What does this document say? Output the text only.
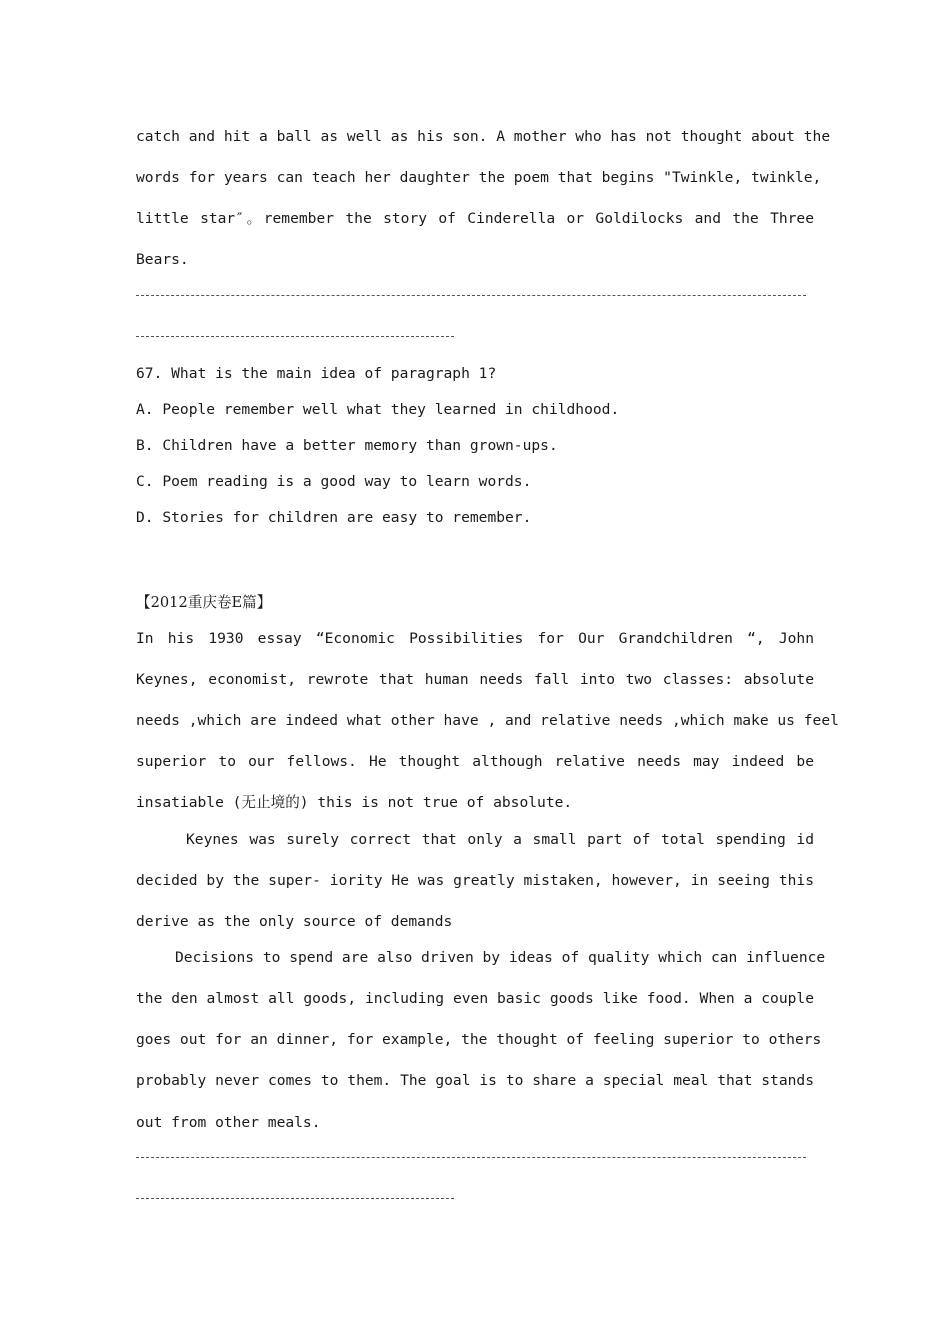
catch and hit a ball as well as his son. A mother who has not thought about the
words for years can teach her daughter the poem that begins "Twinkle, twinkle,
little star″。remember the story of Cinderella or Goldilocks and the Three
Bears.
67. What is the main idea of paragraph 1?
A. People remember well what they learned in childhood.
B. Children have a better memory than grown-ups.
C. Poem reading is a good way to learn words.
D. Stories for children are easy to remember.
【2012重庆卷E篇】
In his 1930 essay “Economic Possibilities for Our Grandchildren “, John
Keynes, economist, rewrote that human needs fall into two classes: absolute
needs ,which are indeed what other have , and relative needs ,which make us feel
superior to our fellows. He thought although relative needs may indeed be
insatiable (无止境的) this is not true of absolute.
Keynes was surely correct that only a small part of total spending id
decided by the super- iority He was greatly mistaken, however, in seeing this
derive as the only source of demands
Decisions to spend are also driven by ideas of quality which can influence
the den almost all goods, including even basic goods like food. When a couple
goes out for an dinner, for example, the thought of feeling superior to others
probably never comes to them. The goal is to share a special meal that stands
out from other meals.
